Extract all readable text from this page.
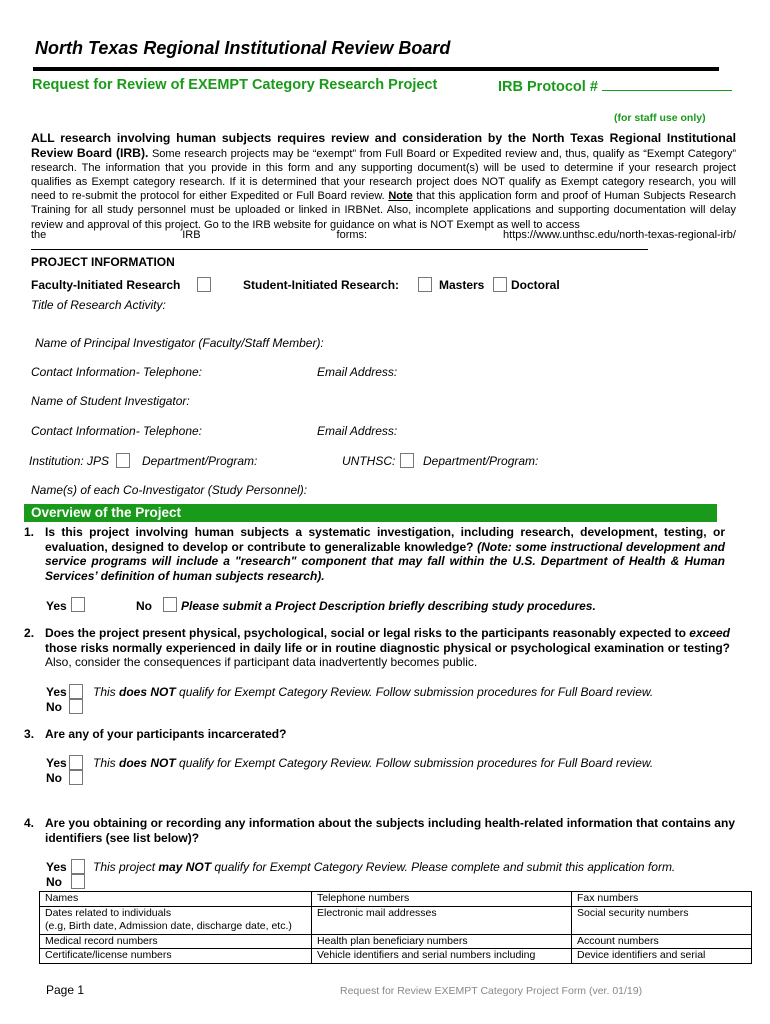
North Texas Regional Institutional Review Board
Request for Review of EXEMPT Category Research Project	IRB Protocol #
(for staff use only)
ALL research involving human subjects requires review and consideration by the North Texas Regional Institutional Review Board (IRB). Some research projects may be “exempt” from Full Board or Expedited review and, thus, qualify as “Exempt Category” research. The information that you provide in this form and any supporting document(s) will be used to determine if your research project qualifies as Exempt category research. If it is determined that your research project does NOT qualify as Exempt category research, you will need to re-submit the protocol for either Expedited or Full Board review. Note that this application form and proof of Human Subjects Research Training for all study personnel must be uploaded or linked in IRBNet. Also, incomplete applications and supporting documentation will delay review and approval of this project. Go to the IRB website for guidance on what is NOT Exempt as well to access
the	IRB	forms:	https://www.unthsc.edu/north-texas-regional-irb/
PROJECT INFORMATION
Faculty-Initiated Research	Student-Initiated Research:	Masters Doctoral
Title of Research Activity:
Name of Principal Investigator (Faculty/Staff Member):
Contact Information- Telephone:	Email Address:
Name of Student Investigator:
Contact Information- Telephone:	Email Address:
Institution: JPS	Department/Program:	UNTHSC: Department/Program:
Name(s) of each Co-Investigator (Study Personnel):
Overview of the Project
1. Is this project involving human subjects a systematic investigation, including research, development, testing, or evaluation, designed to develop or contribute to generalizable knowledge? (Note: some instructional development and service programs will include a "research" component that may fall within the U.S. Department of Health & Human Services’ definition of human subjects research).
Yes	No Please submit a Project Description briefly describing study procedures.
2. Does the project present physical, psychological, social or legal risks to the participants reasonably expected to exceed those risks normally experienced in daily life or in routine diagnostic physical or psychological examination or testing? Also, consider the consequences if participant data inadvertently becomes public.
Yes This does NOT qualify for Exempt Category Review. Follow submission procedures for Full Board review.
No
3. Are any of your participants incarcerated?
Yes This does NOT qualify for Exempt Category Review. Follow submission procedures for Full Board review.
No
4. Are you obtaining or recording any information about the subjects including health-related information that contains any identifiers (see list below)?
Yes This project may NOT qualify for Exempt Category Review. Please complete and submit this application form.
No
Names	Telephone numbers	Fax numbers
Dates related to individuals
(e.g, Birth date, Admission date, discharge date, etc.)	Electronic mail addresses	Social security numbers
Medical record numbers	Health plan beneficiary numbers	Account numbers
Certificate/license numbers	Vehicle identifiers and serial numbers including	Device identifiers and serial
Page 1	Request for Review EXEMPT Category Project Form (ver. 01/19)
